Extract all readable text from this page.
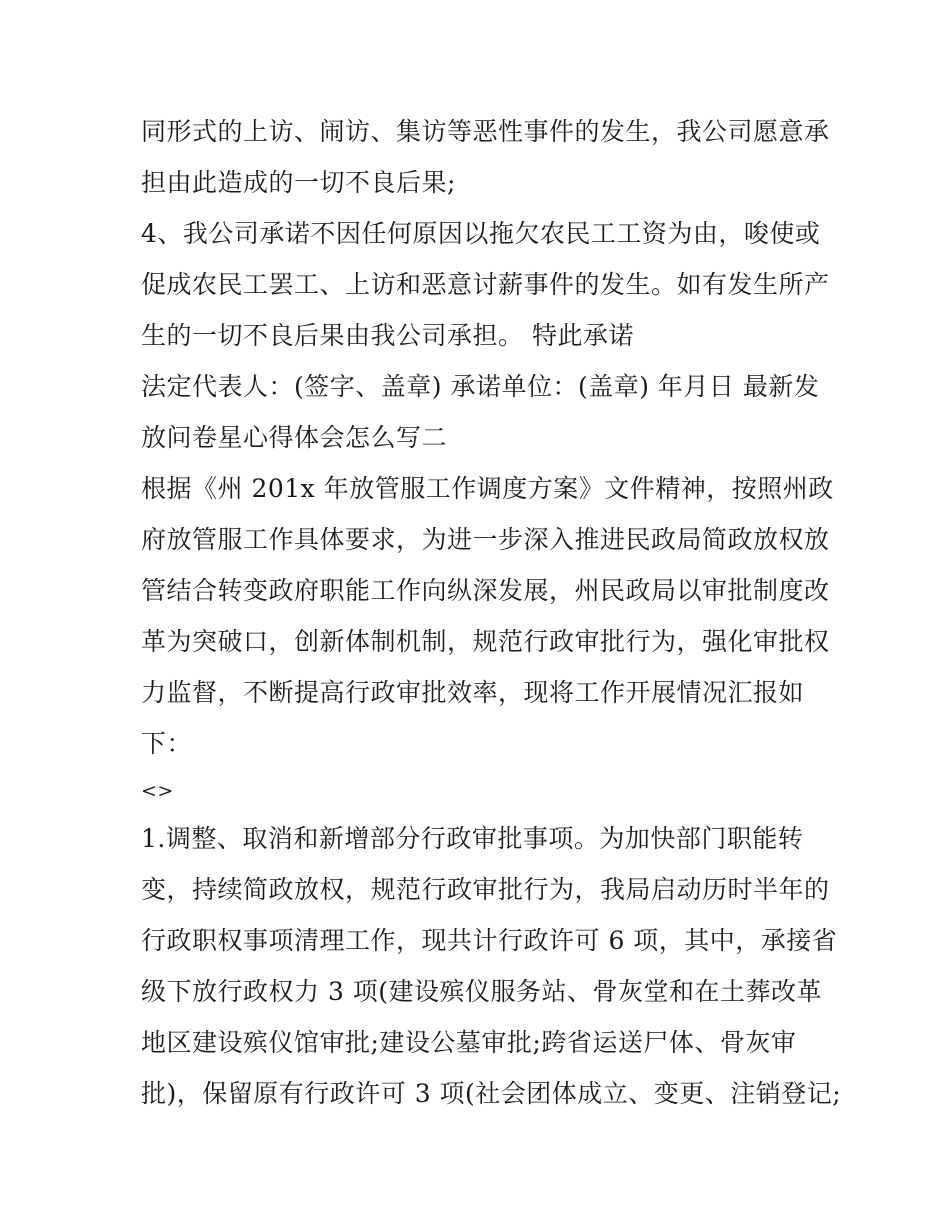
同形式的上访、闹访、集访等恶性事件的发生，我公司愿意承
担由此造成的一切不良后果;
4、我公司承诺不因任何原因以拖欠农民工工资为由，唆使或
促成农民工罢工、上访和恶意讨薪事件的发生。如有发生所产
生的一切不良后果由我公司承担。 特此承诺
法定代表人：(签字、盖章) 承诺单位：(盖章) 年月日 最新发
放问卷星心得体会怎么写二
根据《州 201x 年放管服工作调度方案》文件精神，按照州政
府放管服工作具体要求，为进一步深入推进民政局简政放权放
管结合转变政府职能工作向纵深发展，州民政局以审批制度改
革为突破口，创新体制机制，规范行政审批行为，强化审批权
力监督，不断提高行政审批效率，现将工作开展情况汇报如
下：
<>
1.调整、取消和新增部分行政审批事项。为加快部门职能转
变，持续简政放权，规范行政审批行为，我局启动历时半年的
行政职权事项清理工作，现共计行政许可 6 项，其中，承接省
级下放行政权力 3 项(建设殡仪服务站、骨灰堂和在土葬改革
地区建设殡仪馆审批;建设公墓审批;跨省运送尸体、骨灰审
批)，保留原有行政许可 3 项(社会团体成立、变更、注销登记;
